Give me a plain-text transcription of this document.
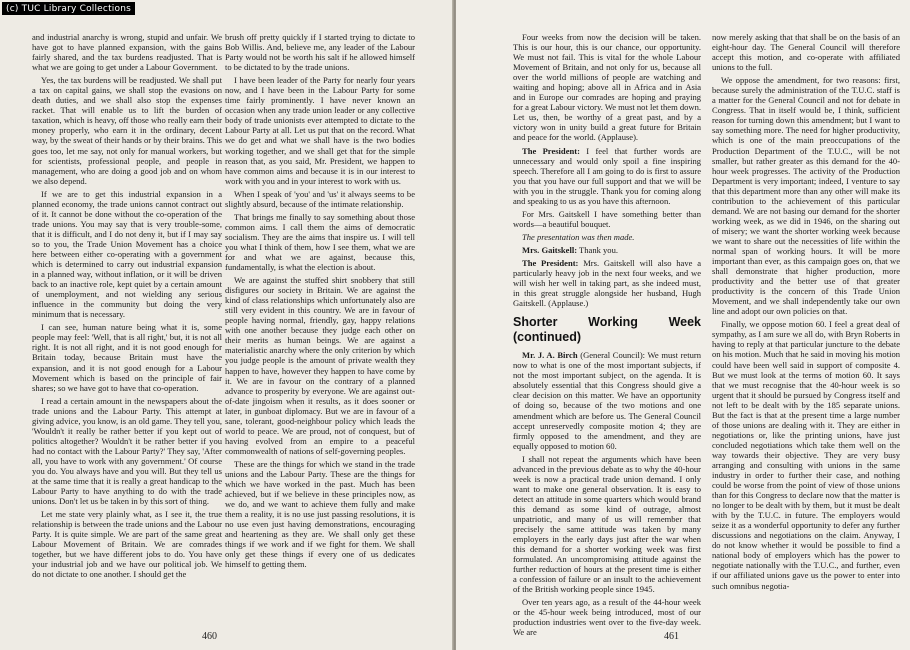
and industrial anarchy is wrong, stupid and unfair. We have got to have planned expansion, with the gains fairly shared, and the tax burdens readjusted. That is what we are going to get under a Labour Government.

Yes, the tax burdens will be readjusted. We shall put a tax on capital gains, we shall stop the evasions on death duties, and we shall also stop the expenses racket. That will enable us to lift the burden of taxation, which is heavy, off those who really earn their money properly, who earn it in the ordinary, decent way, by the sweat of their hands or by their brains. This goes too, let me say, not only for manual workers, but for scientists, professional people, and people in management, who are doing a good job and on whom we also depend.

If we are to get this industrial expansion in a planned economy, the trade unions cannot contract out of it. It cannot be done without the co-operation of the trade unions. You may say that is very trouble-some, that it is difficult, and I do not deny it, but if I may say so to you, the Trade Union Movement has a choice here between either co-operating with a government which is determined to carry out industrial expansion in a planned way, without inflation, or it will be driven back to an inactive role, kept quiet by a certain amount of unemployment, and not wielding any serious influence in the community but doing the very minimum that is necessary.

I can see, human nature being what it is, some people may feel: 'Well, that is all right,' but, it is not all right. It is not all right, and it is not good enough for Britain today, because Britain must have the expansion, and it is not good enough for a Labour Movement which is based on the principle of fair shares; so we have got to have that co-operation.

I read a certain amount in the newspapers about the trade unions and the Labour Party. This attempt at giving advice, you know, is an old game. They tell you, 'Wouldn't it really be rather better if you kept out of politics altogether? Wouldn't it be rather better if you had no contact with the Labour Party?' They say, 'After all, you have to work with any government.' Of course you do. You always have and you will. But they tell us at the same time that it is really a great handicap to the Labour Party to have anything to do with the trade unions. Don't let us be taken in by this sort of thing.

Let me state very plainly what, as I see it, the true relationship is between the trade unions and the Labour Party. It is quite simple. We are part of the same great Labour Movement of Britain. We are comrades together, but we have different jobs to do. You have your industrial job and we have our political job. We do not dictate to one another. I should get the

brush off pretty quickly if I started trying to dictate to Bob Willis. And, believe me, any leader of the Labour Party would not be worth his salt if he allowed himself to be dictated to by the trade unions.

I have been leader of the Party for nearly four years now, and I have been in the Labour Party for some time fairly prominently. I have never known an occasion when any trade union leader or any collective body of trade unionists ever attempted to dictate to the Labour Party at all. Let us put that on the record. What we do get and what we shall have is the two bodies working together, and we shall get that for the simple reason that, as you said, Mr. President, we happen to have common aims and because it is in our interest to work with you and in your interest to work with us.

When I speak of 'you' and 'us' it always seems to be slightly absurd, because of the intimate relationship.

That brings me finally to say something about those common aims. I call them the aims of democratic socialism. They are the aims that inspire us. I will tell you what I think of them, how I see them, what we are for and what we are against, because this, fundamentally, is what the election is about.

We are against the stuffed shirt snobbery that still disfigures our society in Britain. We are against the kind of class relationships which unfortunately also are still very evident in this country. We are in favour of people having normal, friendly, gay, happy relations with one another because they judge each other on their merits as human beings. We are against a materialistic anarchy where the only criterion by which you judge people is the amount of private wealth they happen to have, however they happen to have come by it. We are in favour on the contrary of a planned advance to prosperity by everyone. We are against out-of-date jingoism when it results, as it does sooner or later, in gunboat diplomacy. But we are in favour of a sane, tolerant, good-neighbour policy which leads the world to peace. We are proud, not of conquest, but of having evolved from an empire to a peaceful commonwealth of nations of self-governing peoples.

These are the things for which we stand in the trade unions and the Labour Party. These are the things for which we have worked in the past. Much has been achieved, but if we believe in these principles now, as we do, and we want to achieve them fully and make them a reality, it is no use just passing resolutions, it is no use even just having demonstrations, encouraging and heartening as they are. We shall only get these things if we work and if we fight for them. We shall only get these things if every one of us dedicates himself to getting them.

460

Four weeks from now the decision will be taken. This is our hour, this is our chance, our opportunity. We must not fail. This is vital for the whole Labour Movement of Britain, and not only for us, because all over the world millions of people are watching and waiting and hoping; above all in Africa and in Asia and in Europe our comrades are hoping and praying for a great Labour victory. We must not let them down. Let us, then, be worthy of a great past, and by a victory won in unity build a great future for Britain and peace for the world. (Applause).

The President: I feel that further words are unnecessary and would only spoil a fine inspiring speech. Therefore all I am going to do is first to assure you that you have our full support and that we will be with you in the struggle. Thank you for coming along and speaking to us as you have this afternoon.

For Mrs. Gaitskell I have something better than words—a beautiful bouquet.

The presentation was then made.

Mrs. Gaitskell: Thank you.

The President: Mrs. Gaitskell will also have a particularly heavy job in the next four weeks, and we will wish her well in taking part, as she indeed must, in this great struggle alongside her husband, Hugh Gaitskell. (Applause.)

Shorter Working Week (continued)

Mr. J. A. Birch (General Council): We must return now to what is one of the most important subjects, if not the most important subject, on the agenda. It is absolutely essential that this Congress should give a clear decision on this matter. We have an opportunity of doing so, because of the two motions and one amendment which are before us. The General Council accept unreservedly composite motion 4; they are firmly opposed to the amendment, and they are equally opposed to motion 60.

I shall not repeat the arguments which have been advanced in the previous debate as to why the 40-hour week is now a practical trade union demand. I only want to make one general observation. It is easy to detect an attitude in some quarters which would brand this demand as some kind of outrage, almost unpatriotic, and many of us will remember that precisely the same attitude was taken by many employers in the early days just after the war when this demand for a shorter working week was first formulated. An uncompromising attitude against the further reduction of hours at the present time is either a confession of failure or an insult to the achievement of the British working people since 1945.

Over ten years ago, as a result of the 44-hour week or the 45-hour week being introduced, most of our production industries went over to the five-day week. We are

now merely asking that that shall be on the basis of an eight-hour day. The General Council will therefore accept this motion, and co-operate with affiliated unions to the full.

We oppose the amendment, for two reasons: first, because surely the administration of the T.U.C. staff is a matter for the General Council and not for debate in Congress. That in itself would be, I think, sufficient reason for turning down this amendment; but I want to say something more. The need for higher productivity, which is one of the main preoccupations of the Production Department of the T.U.C., will be not smaller, but rather greater as this demand for the 40-hour week progresses. The activity of the Production Department is very important; indeed, I venture to say that this department more than any other will make its contribution to the achievement of this particular demand. We are not basing our demand for the shorter working week, as we did in 1946, on the sharing out of misery; we want the shorter working week because we want to share out the necessities of life within the normal span of working hours. It will be more important than ever, as this campaign goes on, that we shall demonstrate that higher production, more productivity and the better use of that greater productivity is the concern of this Trade Union Movement, and we shall independently take our own line and adopt our own policies on that.

Finally, we oppose motion 60. I feel a great deal of sympathy, as I am sure we all do, with Bryn Roberts in having to reply at that particular juncture to the debate on his motion. Much that he said in moving his motion could have been well said in support of composite 4. But we must look at the terms of motion 60. It says that we must recognise that the 40-hour week is so urgent that it should be pursued by Congress itself and not left to be dealt with by the 185 separate unions. But the fact is that at the present time a large number of those unions are dealing with it. They are either in negotiations or, like the printing unions, have just concluded negotiations which take them well on the way towards their objective. They are very busy arranging and consulting with unions in the same industry in order to further their case, and nothing could be worse from the point of view of those unions than for this Congress to declare now that the matter is no longer to be dealt with by them, but it must be dealt with by the T.U.C. in future. The employers would seize it as a wonderful opportunity to defer any further discussions and negotiations on the claim. Anyway, I do not know whether it would be possible to find a national body of employers which has the power to negotiate nationally with the T.U.C., and further, even if our affiliated unions gave us the power to enter into such omnibus negotia-

461
(c) TUC Library Collections
